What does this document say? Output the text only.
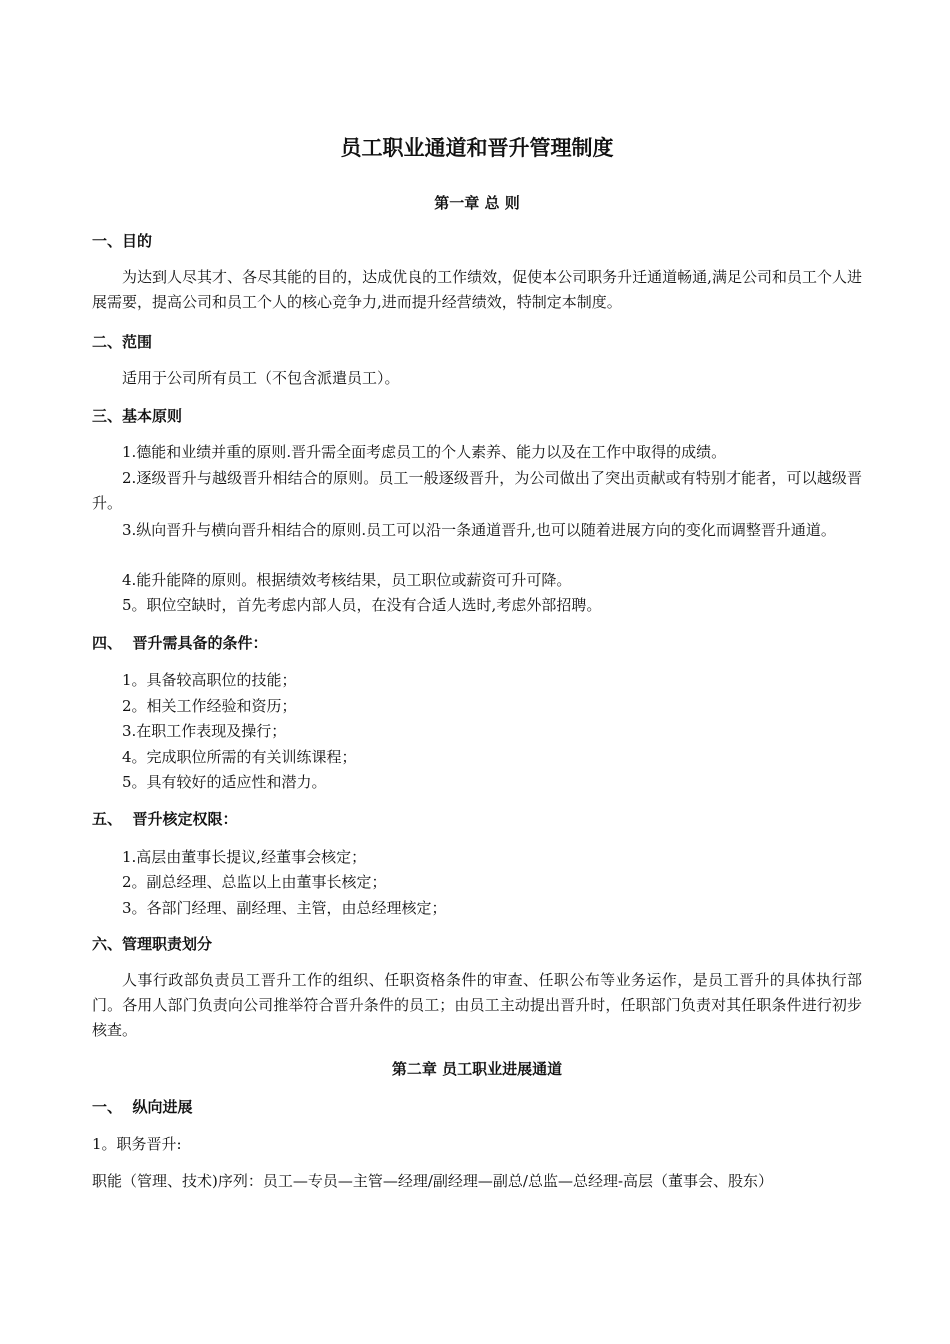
员工职业通道和晋升管理制度
第一章 总 则
一、目的
为达到人尽其才、各尽其能的目的，达成优良的工作绩效，促使本公司职务升迁通道畅通,满足公司和员工个人进展需要，提高公司和员工个人的核心竞争力,进而提升经营绩效，特制定本制度。
二、范围
适用于公司所有员工（不包含派遣员工）。
三、基本原则
1.德能和业绩并重的原则.晋升需全面考虑员工的个人素养、能力以及在工作中取得的成绩。
2.逐级晋升与越级晋升相结合的原则。员工一般逐级晋升，为公司做出了突出贡献或有特别才能者，可以越级晋升。
3.纵向晋升与横向晋升相结合的原则.员工可以沿一条通道晋升,也可以随着进展方向的变化而调整晋升通道。
4.能升能降的原则。根据绩效考核结果，员工职位或薪资可升可降。
5。职位空缺时，首先考虑内部人员，在没有合适人选时,考虑外部招聘。
四、  晋升需具备的条件：
1。具备较高职位的技能；
2。相关工作经验和资历；
3.在职工作表现及操行；
4。完成职位所需的有关训练课程；
5。具有较好的适应性和潜力。
五、  晋升核定权限：
1.高层由董事长提议,经董事会核定；
2。副总经理、总监以上由董事长核定；
3。各部门经理、副经理、主管，由总经理核定；
六、管理职责划分
人事行政部负责员工晋升工作的组织、任职资格条件的审查、任职公布等业务运作，是员工晋升的具体执行部门。各用人部门负责向公司推举符合晋升条件的员工；由员工主动提出晋升时，任职部门负责对其任职条件进行初步核查。
第二章 员工职业进展通道
一、  纵向进展
1。职务晋升:
职能（管理、技术)序列：员工—专员—主管—经理/副经理—副总/总监—总经理-高层（董事会、股东）
